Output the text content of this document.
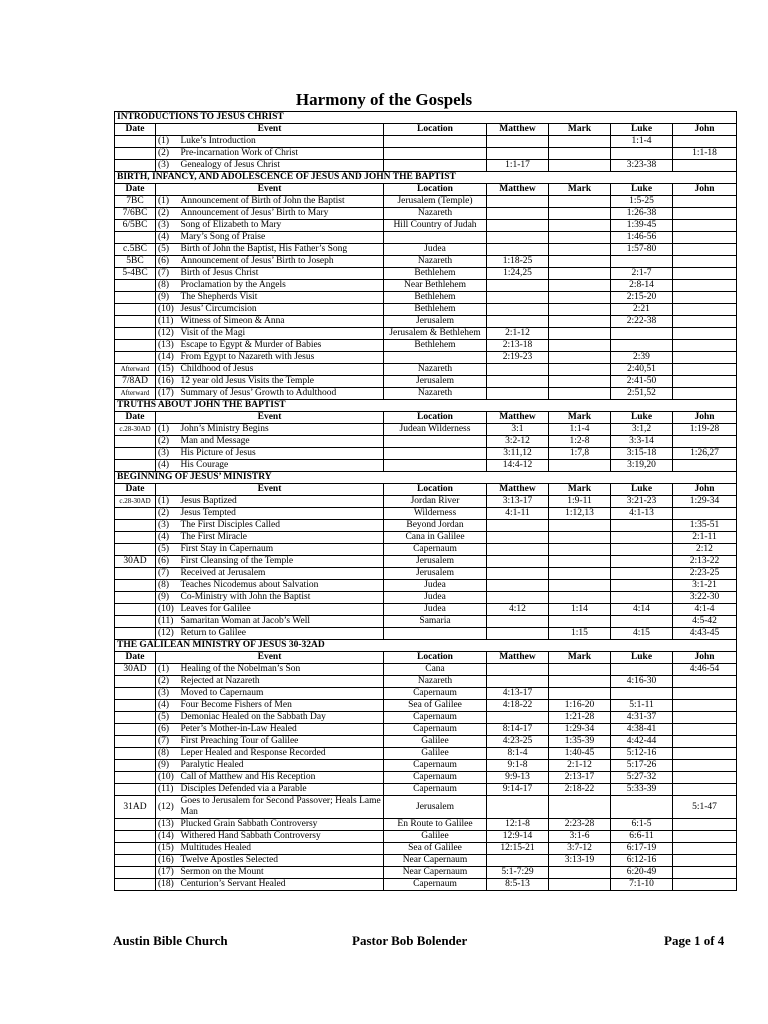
Harmony of the Gospels
INTRODUCTIONS TO JESUS CHRIST							
Date	Event		Location	Matthew	Mark	Luke	John
	(1)	Luke’s Introduction				1:1-4	
	(2)	Pre-incarnation Work of Christ					1:1-18
	(3)	Genealogy of Jesus Christ		1:1-17		3:23-38	
BIRTH, INFANCY, AND ADOLESCENCE OF JESUS AND JOHN THE BAPTIST							
Date	Event		Location	Matthew	Mark	Luke	John
7BC	(1)	Announcement of Birth of John the Baptist	Jerusalem (Temple)			1:5-25	
7/6BC	(2)	Announcement of Jesus’ Birth to Mary	Nazareth			1:26-38	
6/5BC	(3)	Song of Elizabeth to Mary	Hill Country of Judah			1:39-45	
	(4)	Mary’s Song of Praise				1:46-56	
c.5BC	(5)	Birth of John the Baptist, His Father’s Song	Judea			1:57-80	
5BC	(6)	Announcement of Jesus’ Birth to Joseph	Nazareth	1:18-25			
5-4BC	(7)	Birth of Jesus Christ	Bethlehem	1:24,25		2:1-7	
	(8)	Proclamation by the Angels	Near Bethlehem			2:8-14	
	(9)	The Shepherds Visit	Bethlehem			2:15-20	
	(10)	Jesus’ Circumcision	Bethlehem			2:21	
	(11)	Witness of Simeon & Anna	Jerusalem			2:22-38	
	(12)	Visit of the Magi	Jerusalem & Bethlehem	2:1-12			
	(13)	Escape to Egypt & Murder of Babies	Bethlehem	2:13-18			
	(14)	From Egypt to Nazareth with Jesus		2:19-23		2:39	
Afterward	(15)	Childhood of Jesus	Nazareth			2:40,51	
7/8AD	(16)	12 year old Jesus Visits the Temple	Jerusalem			2:41-50	
Afterward	(17)	Summary of Jesus’ Growth to Adulthood	Nazareth			2:51,52	
TRUTHS ABOUT JOHN THE BAPTIST							
Date	Event		Location	Matthew	Mark	Luke	John
c.28-30AD	(1)	John’s Ministry Begins	Judean Wilderness	3:1	1:1-4	3:1,2	1:19-28
	(2)	Man and Message		3:2-12	1:2-8	3:3-14	
	(3)	His Picture of Jesus		3:11,12	1:7,8	3:15-18	1:26,27
	(4)	His Courage		14:4-12		3:19,20	
BEGINNING OF JESUS’ MINISTRY							
Date	Event		Location	Matthew	Mark	Luke	John
c.28-30AD	(1)	Jesus Baptized	Jordan River	3:13-17	1:9-11	3:21-23	1:29-34
	(2)	Jesus Tempted	Wilderness	4:1-11	1:12,13	4:1-13	
	(3)	The First Disciples Called	Beyond Jordan				1:35-51
	(4)	The First Miracle	Cana in Galilee				2:1-11
	(5)	First Stay in Capernaum	Capernaum				2:12
30AD	(6)	First Cleansing of the Temple	Jerusalem				2:13-22
	(7)	Received at Jerusalem	Jerusalem				2:23-25
	(8)	Teaches Nicodemus about Salvation	Judea				3:1-21
	(9)	Co-Ministry with John the Baptist	Judea				3:22-30
	(10)	Leaves for Galilee	Judea	4:12	1:14	4:14	4:1-4
	(11)	Samaritan Woman at Jacob’s Well	Samaria				4:5-42
	(12)	Return to Galilee			1:15	4:15	4:43-45
THE GALILEAN MINISTRY OF JESUS 30-32AD							
Date	Event		Location	Matthew	Mark	Luke	John
30AD	(1)	Healing of the Nobelman’s Son	Cana				4:46-54
	(2)	Rejected at Nazareth	Nazareth			4:16-30	
	(3)	Moved to Capernaum	Capernaum	4:13-17			
	(4)	Four Become Fishers of Men	Sea of Galilee	4:18-22	1:16-20	5:1-11	
	(5)	Demoniac Healed on the Sabbath Day	Capernaum		1:21-28	4:31-37	
	(6)	Peter’s Mother-in-Law Healed	Capernaum	8:14-17	1:29-34	4:38-41	
	(7)	First Preaching Tour of Galilee	Galilee	4:23-25	1:35-39	4:42-44	
	(8)	Leper Healed and Response Recorded	Galilee	8:1-4	1:40-45	5:12-16	
	(9)	Paralytic Healed	Capernaum	9:1-8	2:1-12	5:17-26	
	(10)	Call of Matthew and His Reception	Capernaum	9:9-13	2:13-17	5:27-32	
	(11)	Disciples Defended via a Parable	Capernaum	9:14-17	2:18-22	5:33-39	
31AD	(12)	Goes to Jerusalem for Second Passover; Heals Lame Man	Jerusalem				5:1-47
	(13)	Plucked Grain Sabbath Controversy	En Route to Galilee	12:1-8	2:23-28	6:1-5	
	(14)	Withered Hand Sabbath Controversy	Galilee	12:9-14	3:1-6	6:6-11	
	(15)	Multitudes Healed	Sea of Galilee	12:15-21	3:7-12	6:17-19	
	(16)	Twelve Apostles Selected	Near Capernaum		3:13-19	6:12-16	
	(17)	Sermon on the Mount	Near Capernaum	5:1-7:29		6:20-49	
	(18)	Centurion’s Servant Healed	Capernaum	8:5-13		7:1-10	
Austin Bible Church	Pastor Bob Bolender	Page 1 of 4
